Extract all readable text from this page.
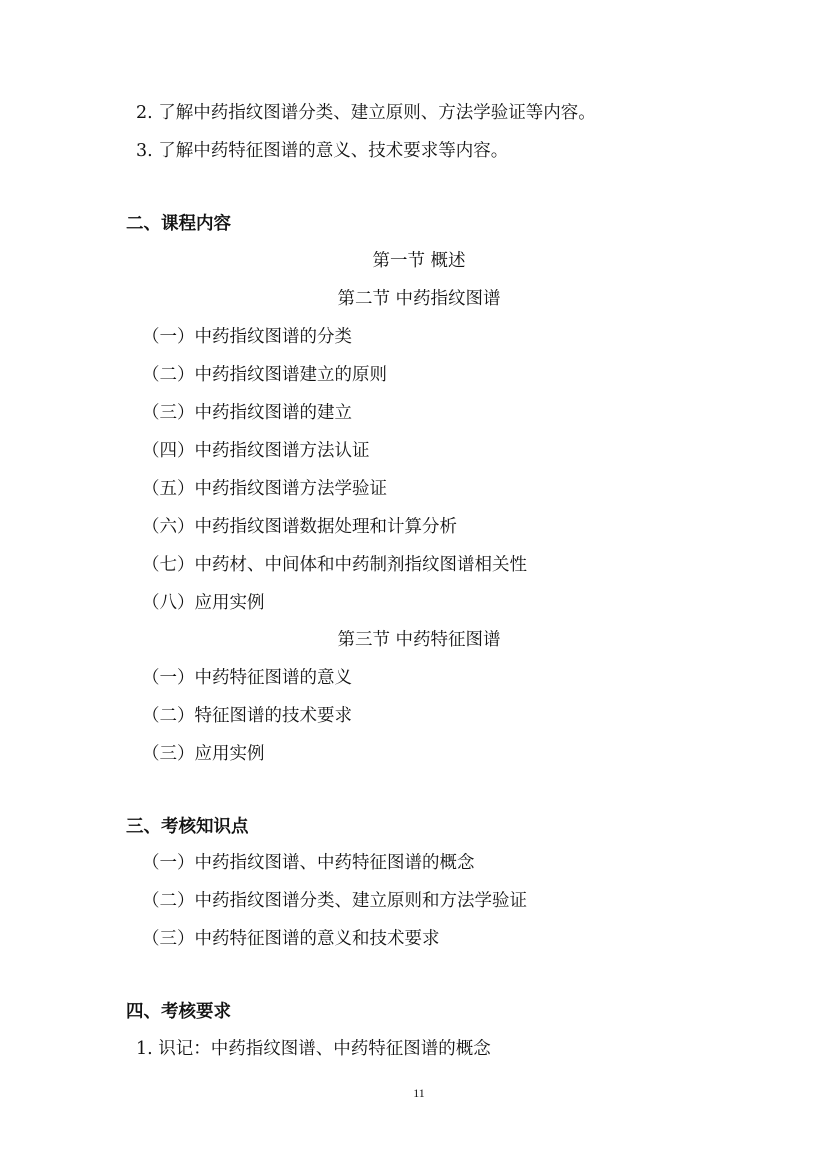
2. 了解中药指纹图谱分类、建立原则、方法学验证等内容。
3. 了解中药特征图谱的意义、技术要求等内容。
二、课程内容
第一节 概述
第二节 中药指纹图谱
（一）中药指纹图谱的分类
（二）中药指纹图谱建立的原则
（三）中药指纹图谱的建立
（四）中药指纹图谱方法认证
（五）中药指纹图谱方法学验证
（六）中药指纹图谱数据处理和计算分析
（七）中药材、中间体和中药制剂指纹图谱相关性
（八）应用实例
第三节 中药特征图谱
（一）中药特征图谱的意义
（二）特征图谱的技术要求
（三）应用实例
三、考核知识点
（一）中药指纹图谱、中药特征图谱的概念
（二）中药指纹图谱分类、建立原则和方法学验证
（三）中药特征图谱的意义和技术要求
四、考核要求
1. 识记：中药指纹图谱、中药特征图谱的概念
11
